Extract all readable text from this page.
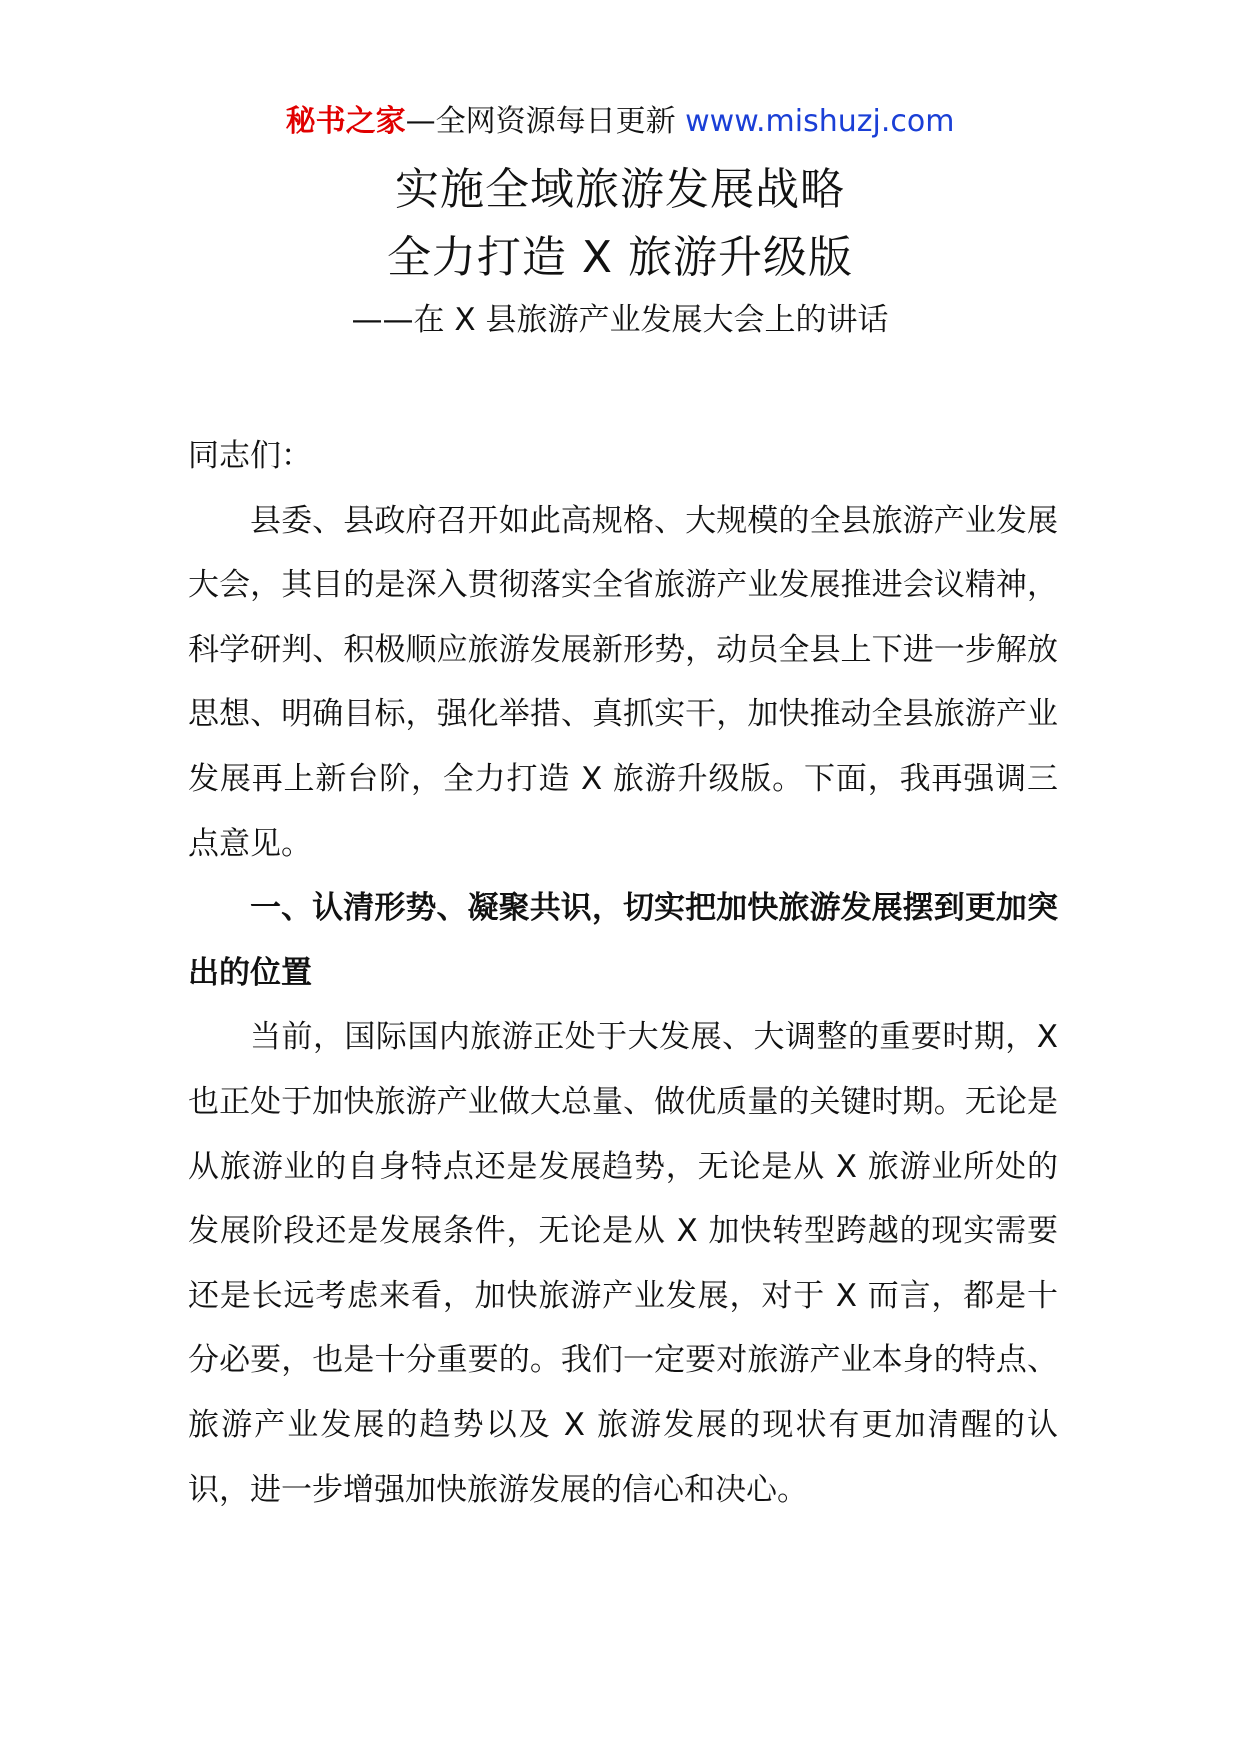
秘书之家—全网资源每日更新 www.mishuzj.com
实施全域旅游发展战略
全力打造 X 旅游升级版
——在 X 县旅游产业发展大会上的讲话

同志们：

县委、县政府召开如此高规格、大规模的全县旅游产业发展大会，其目的是深入贯彻落实全省旅游产业发展推进会议精神，科学研判、积极顺应旅游发展新形势，动员全县上下进一步解放思想、明确目标，强化举措、真抓实干，加快推动全县旅游产业发展再上新台阶，全力打造 X 旅游升级版。下面，我再强调三点意见。

一、认清形势、凝聚共识，切实把加快旅游发展摆到更加突出的位置

当前，国际国内旅游正处于大发展、大调整的重要时期，X 也正处于加快旅游产业做大总量、做优质量的关键时期。无论是从旅游业的自身特点还是发展趋势，无论是从 X 旅游业所处的发展阶段还是发展条件，无论是从 X 加快转型跨越的现实需要还是长远考虑来看，加快旅游产业发展，对于 X 而言，都是十分必要，也是十分重要的。我们一定要对旅游产业本身的特点、旅游产业发展的趋势以及 X 旅游发展的现状有更加清醒的认识，进一步增强加快旅游发展的信心和决心。
